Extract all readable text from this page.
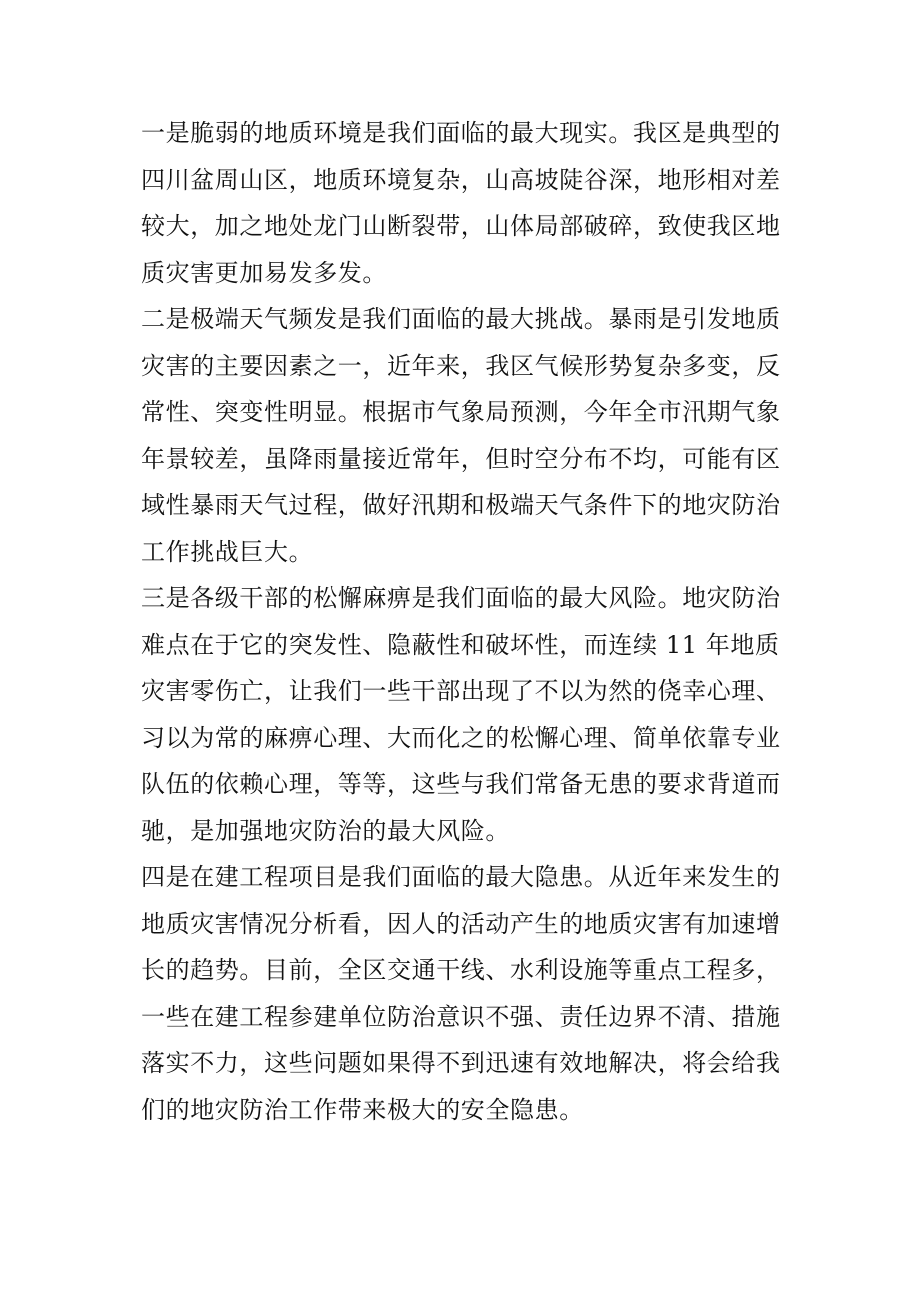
一是脆弱的地质环境是我们面临的最大现实。我区是典型的
四川盆周山区，地质环境复杂，山高坡陡谷深，地形相对差
较大，加之地处龙门山断裂带，山体局部破碎，致使我区地
质灾害更加易发多发。
二是极端天气频发是我们面临的最大挑战。暴雨是引发地质
灾害的主要因素之一，近年来，我区气候形势复杂多变，反
常性、突变性明显。根据市气象局预测，今年全市汛期气象
年景较差，虽降雨量接近常年，但时空分布不均，可能有区
域性暴雨天气过程，做好汛期和极端天气条件下的地灾防治
工作挑战巨大。
三是各级干部的松懈麻痹是我们面临的最大风险。地灾防治
难点在于它的突发性、隐蔽性和破坏性，而连续 11 年地质
灾害零伤亡，让我们一些干部出现了不以为然的侥幸心理、
习以为常的麻痹心理、大而化之的松懈心理、简单依靠专业
队伍的依赖心理，等等，这些与我们常备无患的要求背道而
驰，是加强地灾防治的最大风险。
四是在建工程项目是我们面临的最大隐患。从近年来发生的
地质灾害情况分析看，因人的活动产生的地质灾害有加速增
长的趋势。目前，全区交通干线、水利设施等重点工程多，
一些在建工程参建单位防治意识不强、责任边界不清、措施
落实不力，这些问题如果得不到迅速有效地解决，将会给我
们的地灾防治工作带来极大的安全隐患。
